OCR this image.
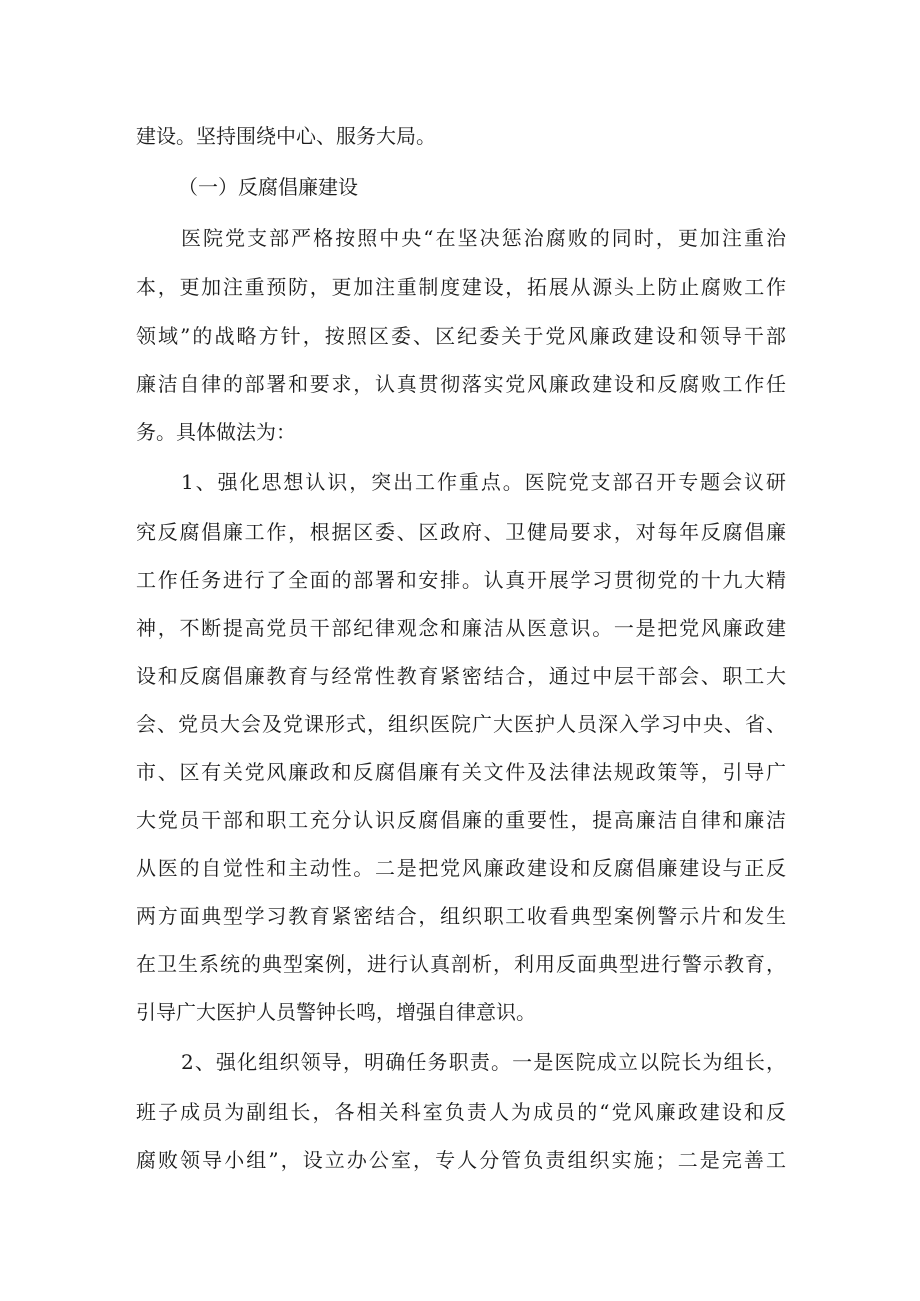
建设。坚持围绕中心、服务大局。
（一）反腐倡廉建设
医院党支部严格按照中央“在坚决惩治腐败的同时，更加注重治
本，更加注重预防，更加注重制度建设，拓展从源头上防止腐败工作
领域”的战略方针，按照区委、区纪委关于党风廉政建设和领导干部
廉洁自律的部署和要求，认真贯彻落实党风廉政建设和反腐败工作任
务。具体做法为：
1、强化思想认识，突出工作重点。医院党支部召开专题会议研
究反腐倡廉工作，根据区委、区政府、卫健局要求，对每年反腐倡廉
工作任务进行了全面的部署和安排。认真开展学习贯彻党的十九大精
神，不断提高党员干部纪律观念和廉洁从医意识。一是把党风廉政建
设和反腐倡廉教育与经常性教育紧密结合，通过中层干部会、职工大
会、党员大会及党课形式，组织医院广大医护人员深入学习中央、省、
市、区有关党风廉政和反腐倡廉有关文件及法律法规政策等，引导广
大党员干部和职工充分认识反腐倡廉的重要性，提高廉洁自律和廉洁
从医的自觉性和主动性。二是把党风廉政建设和反腐倡廉建设与正反
两方面典型学习教育紧密结合，组织职工收看典型案例警示片和发生
在卫生系统的典型案例，进行认真剖析，利用反面典型进行警示教育，
引导广大医护人员警钟长鸣，增强自律意识。
2、强化组织领导，明确任务职责。一是医院成立以院长为组长，
班子成员为副组长，各相关科室负责人为成员的“党风廉政建设和反
腐败领导小组”，设立办公室，专人分管负责组织实施；二是完善工
